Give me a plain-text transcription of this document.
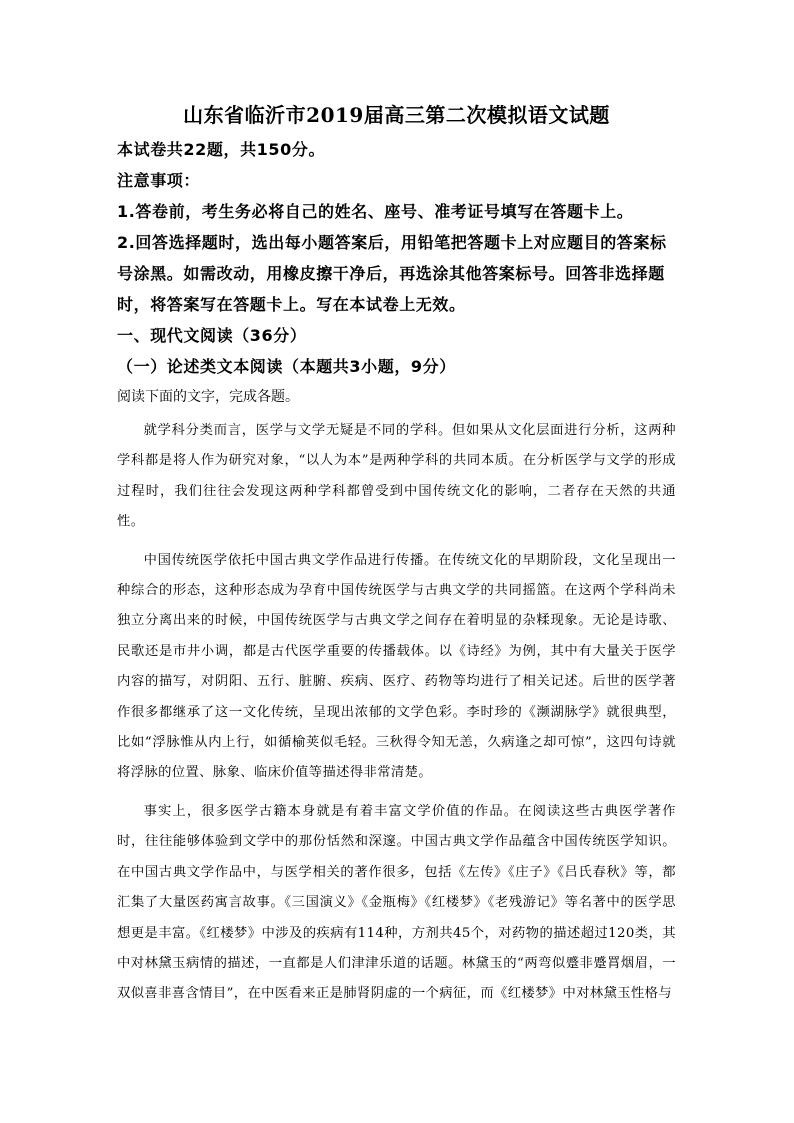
山东省临沂市2019届高三第二次模拟语文试题

本试卷共22题，共150分。

注意事项：

1.答卷前，考生务必将自己的姓名、座号、准考证号填写在答题卡上。

2.回答选择题时，选出每小题答案后，用铅笔把答题卡上对应题目的答案标号涂黑。如需改动，用橡皮擦干净后，再选涂其他答案标号。回答非选择题时，将答案写在答题卡上。写在本试卷上无效。

一、现代文阅读（36分）

（一）论述类文本阅读（本题共3小题，9分）

阅读下面的文字，完成各题。

就学科分类而言，医学与文学无疑是不同的学科。但如果从文化层面进行分析，这两种学科都是将人作为研究对象，“以人为本”是两种学科的共同本质。在分析医学与文学的形成过程时，我们往往会发现这两种学科都曾受到中国传统文化的影响，二者存在天然的共通性。

中国传统医学依托中国古典文学作品进行传播。在传统文化的早期阶段，文化呈现出一种综合的形态，这种形态成为孕育中国传统医学与古典文学的共同摇篮。在这两个学科尚未独立分离出来的时候，中国传统医学与古典文学之间存在着明显的杂糅现象。无论是诗歌、民歌还是市井小调，都是古代医学重要的传播载体。以《诗经》为例，其中有大量关于医学内容的描写，对阴阳、五行、脏腑、疾病、医疗、药物等均进行了相关记述。后世的医学著作很多都继承了这一文化传统，呈现出浓郁的文学色彩。李时珍的《濒湖脉学》就很典型，比如“浮脉惟从内上行，如循榆荚似毛轻。三秋得令知无恙，久病逢之却可惊”，这四句诗就将浮脉的位置、脉象、临床价值等描述得非常清楚。

事实上，很多医学古籍本身就是有着丰富文学价值的作品。在阅读这些古典医学著作时，往往能够体验到文学中的那份恬然和深邃。中国古典文学作品蕴含中国传统医学知识。在中国古典文学作品中，与医学相关的著作很多，包括《左传》《庄子》《吕氏春秋》等，都汇集了大量医药寓言故事。《三国演义》《金瓶梅》《红楼梦》《老残游记》等名著中的医学思想更是丰富。《红楼梦》中涉及的疾病有114种，方剂共45个，对药物的描述超过120类，其中对林黛玉病情的描述，一直都是人们津津乐道的话题。林黛玉的“两弯似蹙非蹙罥烟眉，一双似喜非喜含情目”，在中医看来正是肺肾阴虚的一个病征，而《红楼梦》中对林黛玉性格与
